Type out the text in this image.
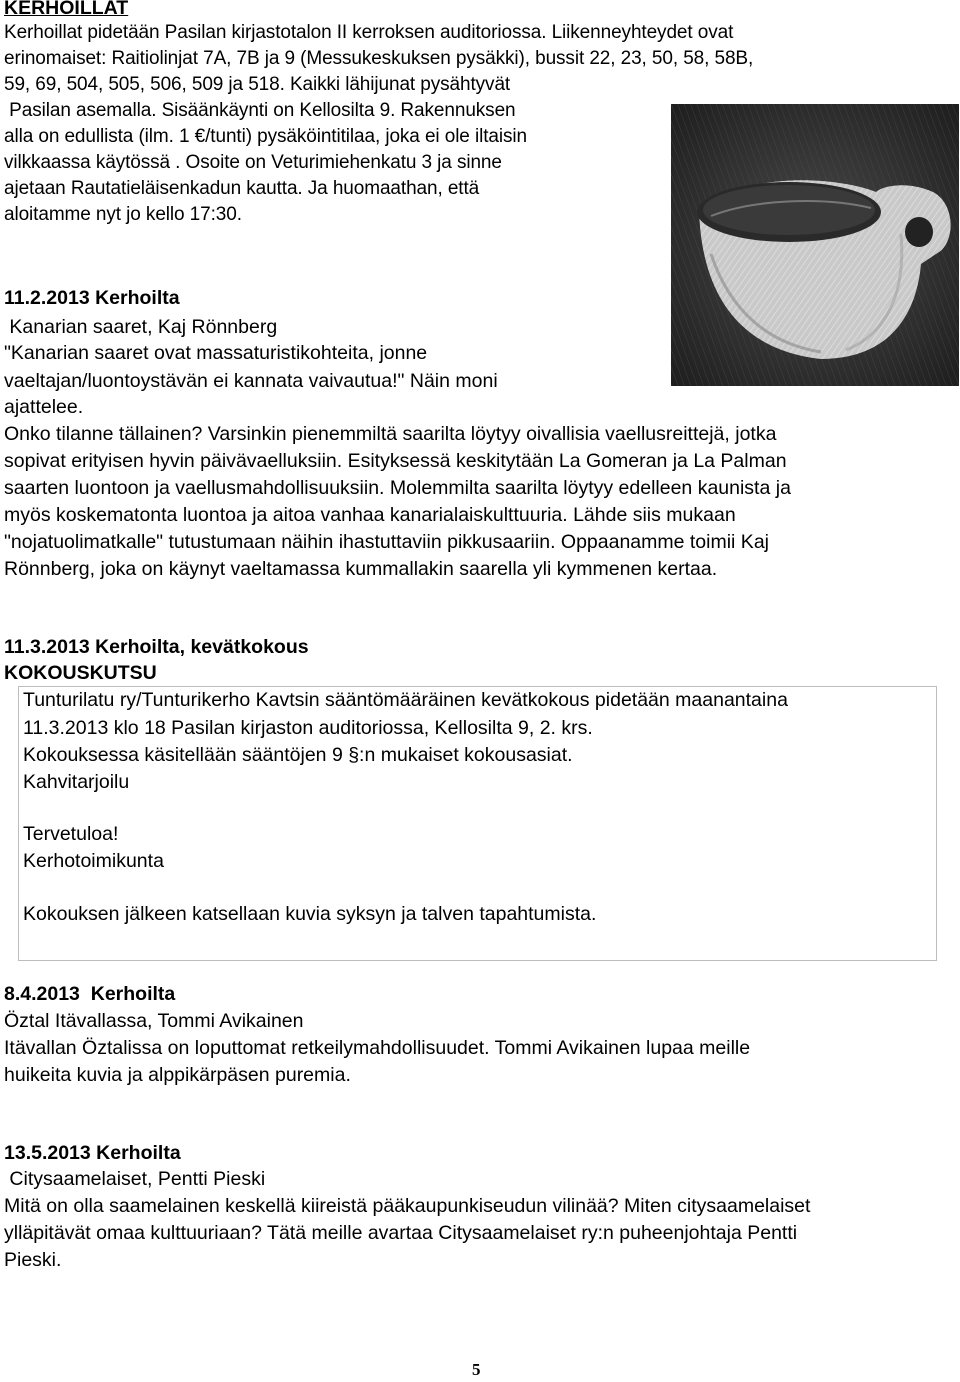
KERHOILLAT
Kerhoillat pidetään Pasilan kirjastotalon II kerroksen auditoriossa. Liikenneyhteydet ovat
erinomaiset: Raitiolinjat 7A, 7B ja 9 (Messukeskuksen pysäkki), bussit 22, 23, 50, 58, 58B,
59, 69, 504, 505, 506, 509 ja 518. Kaikki lähijunat pysähtyvät
Pasilan asemalla. Sisäänkäynti on Kellosilta 9. Rakennuksen
alla on edullista (ilm. 1 €/tunti) pysäköintitilaa, joka ei ole iltaisin
vilkkaassa käytössä . Osoite on Veturimiehenkatu 3 ja sinne
ajetaan Rautatieläisenkadun kautta. Ja huomaathan, että
aloitamme nyt jo kello 17:30.
11.2.2013 Kerhoilta
Kanarian saaret, Kaj Rönnberg
"Kanarian saaret ovat massaturistikohteita, jonne
vaeltajan/luontoystävän ei kannata vaivautua!" Näin moni
ajattelee.
Onko tilanne tällainen? Varsinkin pienemmiltä saarilta löytyy oivallisia vaellusreittejä, jotka
sopivat erityisen hyvin päivävaelluksiin. Esityksessä keskitytään La Gomeran ja La Palman
saarten luontoon ja vaellusmahdollisuuksiin. Molemmilta saarilta löytyy edelleen kaunista ja
myös koskematonta luontoa ja aitoa vanhaa kanarialaiskulttuuria. Lähde siis mukaan
"nojatuolimatkalle" tutustumaan näihin ihastuttaviin pikkusaariin. Oppaanamme toimii Kaj
Rönnberg, joka on käynyt vaeltamassa kummallakin saarella yli kymmenen kertaa.
11.3.2013 Kerhoilta, kevätkokous
KOKOUSKUTSU
Tunturilatu ry/Tunturikerho Kavtsin sääntömääräinen kevätkokous pidetään maanantaina
11.3.2013 klo 18 Pasilan kirjaston auditoriossa, Kellosilta 9, 2. krs.
Kokouksessa käsitellään sääntöjen 9 §:n mukaiset kokousasiat.
Kahvitarjoilu
Tervetuloa!
Kerhotoimikunta
Kokouksen jälkeen katsellaan kuvia syksyn ja talven tapahtumista.
8.4.2013  Kerhoilta
Öztal Itävallassa, Tommi Avikainen
Itävallan Öztalissa on loputtomat retkeilymahdollisuudet. Tommi Avikainen lupaa meille
huikeita kuvia ja alppikärpäsen puremia.
13.5.2013 Kerhoilta
Citysaamelaiset, Pentti Pieski
Mitä on olla saamelainen keskellä kiireistä pääkaupunkiseudun vilinää? Miten citysaamelaiset
ylläpitävät omaa kulttuuriaan? Tätä meille avartaa Citysaamelaiset ry:n puheenjohtaja Pentti
Pieski.
5
